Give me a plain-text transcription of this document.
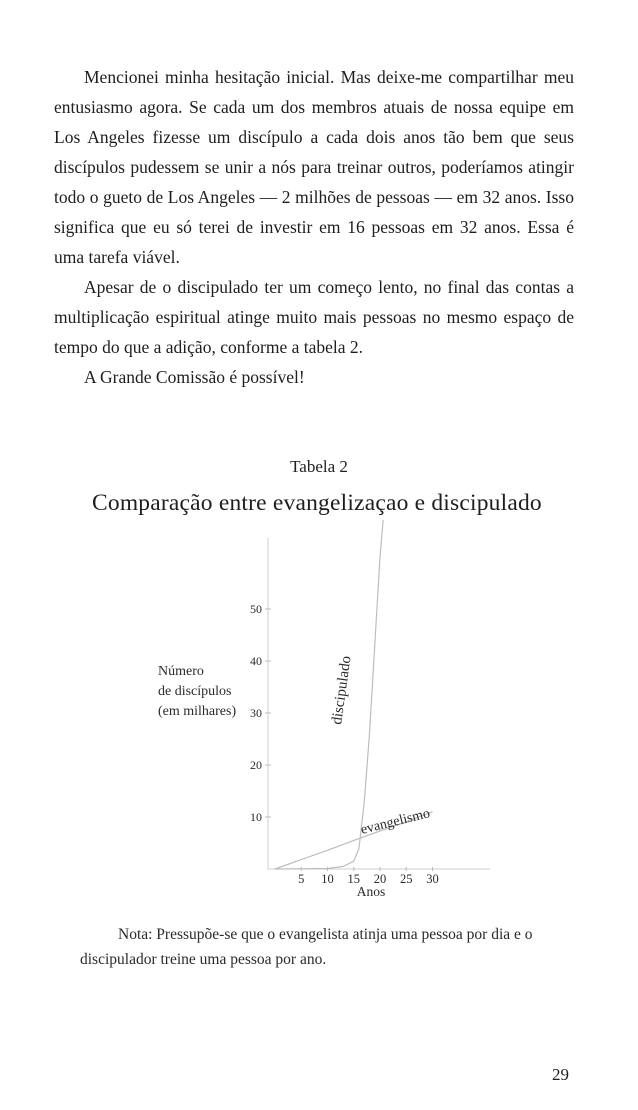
Mencionei minha hesitação inicial. Mas deixe-me compartilhar meu entusiasmo agora. Se cada um dos membros atuais de nossa equipe em Los Angeles fizesse um discípulo a cada dois anos tão bem que seus discípulos pudessem se unir a nós para treinar outros, poderíamos atingir todo o gueto de Los Angeles — 2 milhões de pessoas — em 32 anos. Isso significa que eu só terei de investir em 16 pessoas em 32 anos. Essa é uma tarefa viável.

Apesar de o discipulado ter um começo lento, no final das contas a multiplicação espiritual atinge muito mais pessoas no mesmo espaço de tempo do que a adição, conforme a tabela 2.

A Grande Comissão é possível!

Tabela 2
Comparação entre evangelizaçao e discipulado
10
20
30
40
50
5 10 15 20 25 30
Número
de discípulos
(em milhares)
Anos
discipulado
evangelismo
Nota: Pressupõe-se que o evangelista atinja uma pessoa por dia e o discipulador treine uma pessoa por ano.
29
